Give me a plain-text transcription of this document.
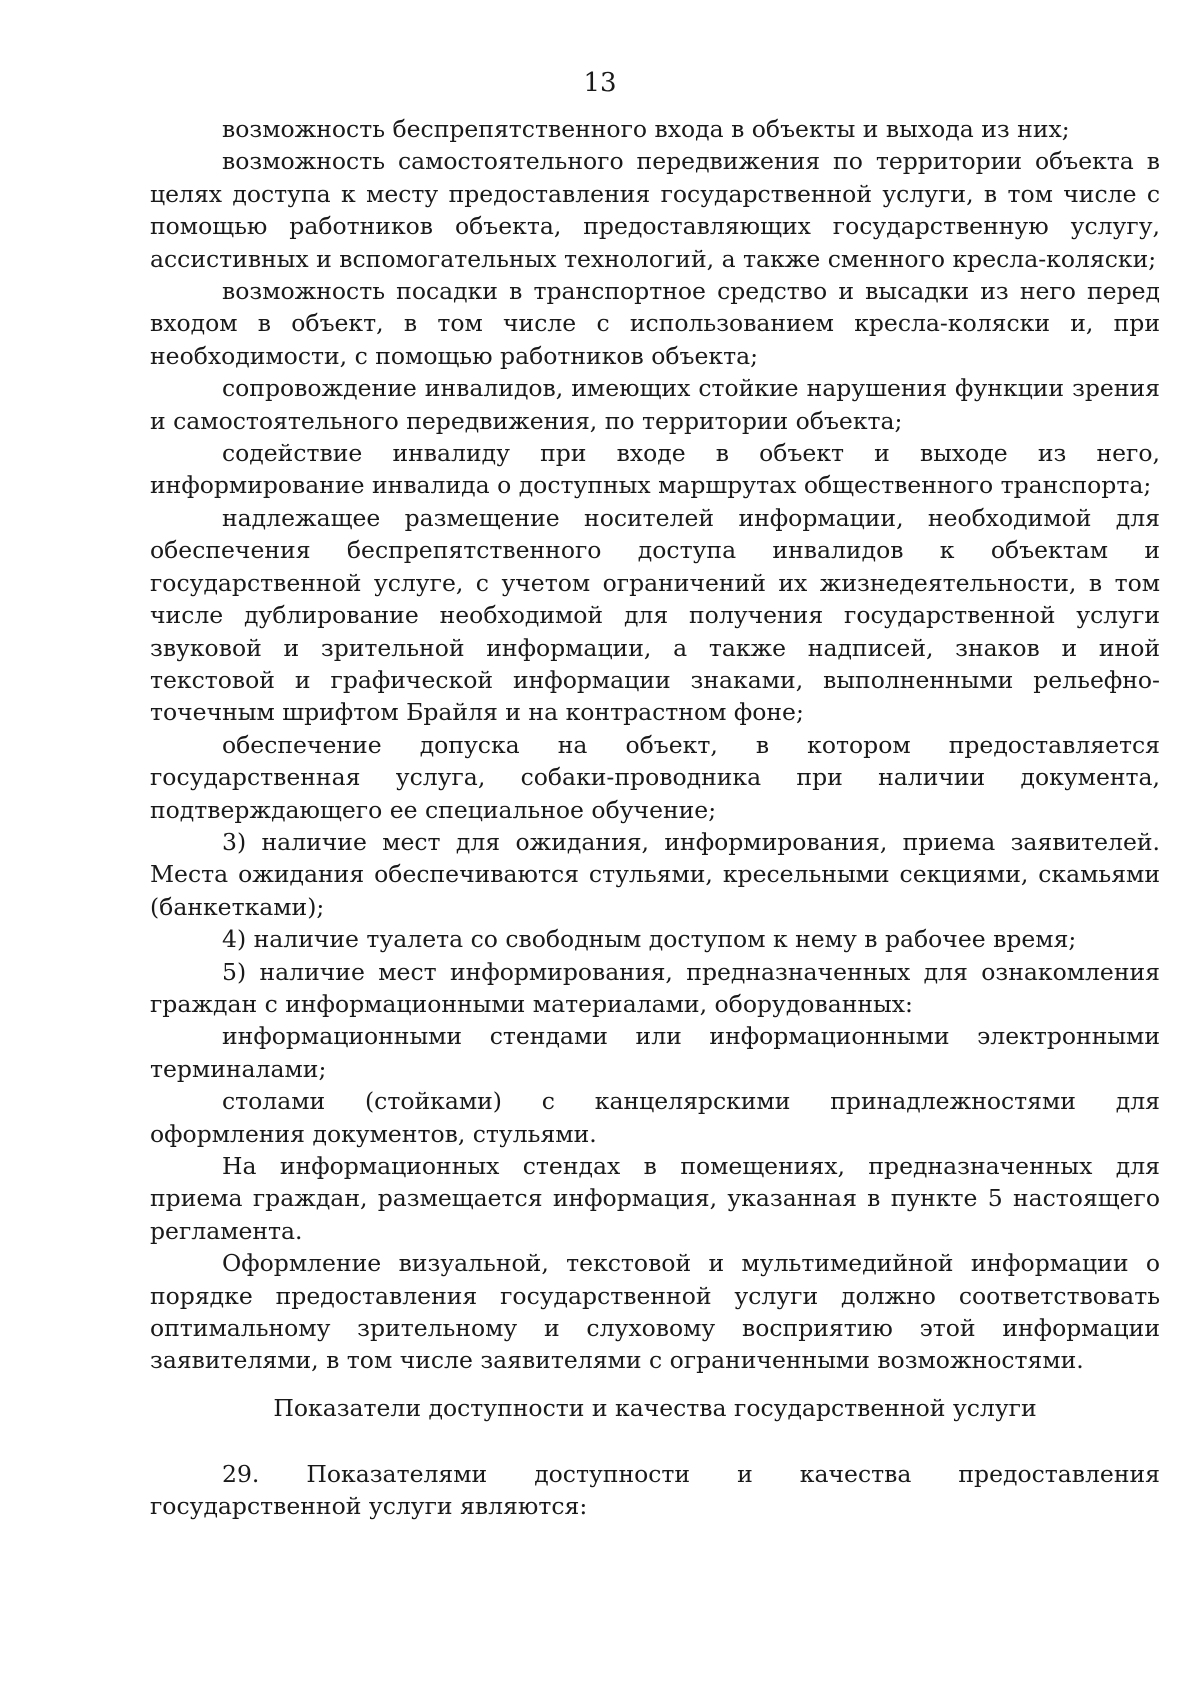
13

возможность беспрепятственного входа в объекты и выхода из них;

возможность самостоятельного передвижения по территории объекта в целях доступа к месту предоставления государственной услуги, в том числе с помощью работников объекта, предоставляющих государственную услугу, ассистивных и вспомогательных технологий, а также сменного кресла-коляски;

возможность посадки в транспортное средство и высадки из него перед входом в объект, в том числе с использованием кресла-коляски и, при необходимости, с помощью работников объекта;

сопровождение инвалидов, имеющих стойкие нарушения функции зрения и самостоятельного передвижения, по территории объекта;

содействие инвалиду при входе в объект и выходе из него, информирование инвалида о доступных маршрутах общественного транспорта;

надлежащее размещение носителей информации, необходимой для обеспечения беспрепятственного доступа инвалидов к объектам и государственной услуге, с учетом ограничений их жизнедеятельности, в том числе дублирование необходимой для получения государственной услуги звуковой и зрительной информации, а также надписей, знаков и иной текстовой и графической информации знаками, выполненными рельефно-точечным шрифтом Брайля и на контрастном фоне;

обеспечение допуска на объект, в котором предоставляется государственная услуга, собаки-проводника при наличии документа, подтверждающего ее специальное обучение;

3) наличие мест для ожидания, информирования, приема заявителей. Места ожидания обеспечиваются стульями, кресельными секциями, скамьями (банкетками);

4) наличие туалета со свободным доступом к нему в рабочее время;

5) наличие мест информирования, предназначенных для ознакомления граждан с информационными материалами, оборудованных:

информационными стендами или информационными электронными терминалами;

столами (стойками) с канцелярскими принадлежностями для оформления документов, стульями.

На информационных стендах в помещениях, предназначенных для приема граждан, размещается информация, указанная в пункте 5 настоящего регламента.

Оформление визуальной, текстовой и мультимедийной информации о порядке предоставления государственной услуги должно соответствовать оптимальному зрительному и слуховому восприятию этой информации заявителями, в том числе заявителями с ограниченными возможностями.

Показатели доступности и качества государственной услуги

29. Показателями доступности и качества предоставления государственной услуги являются:
